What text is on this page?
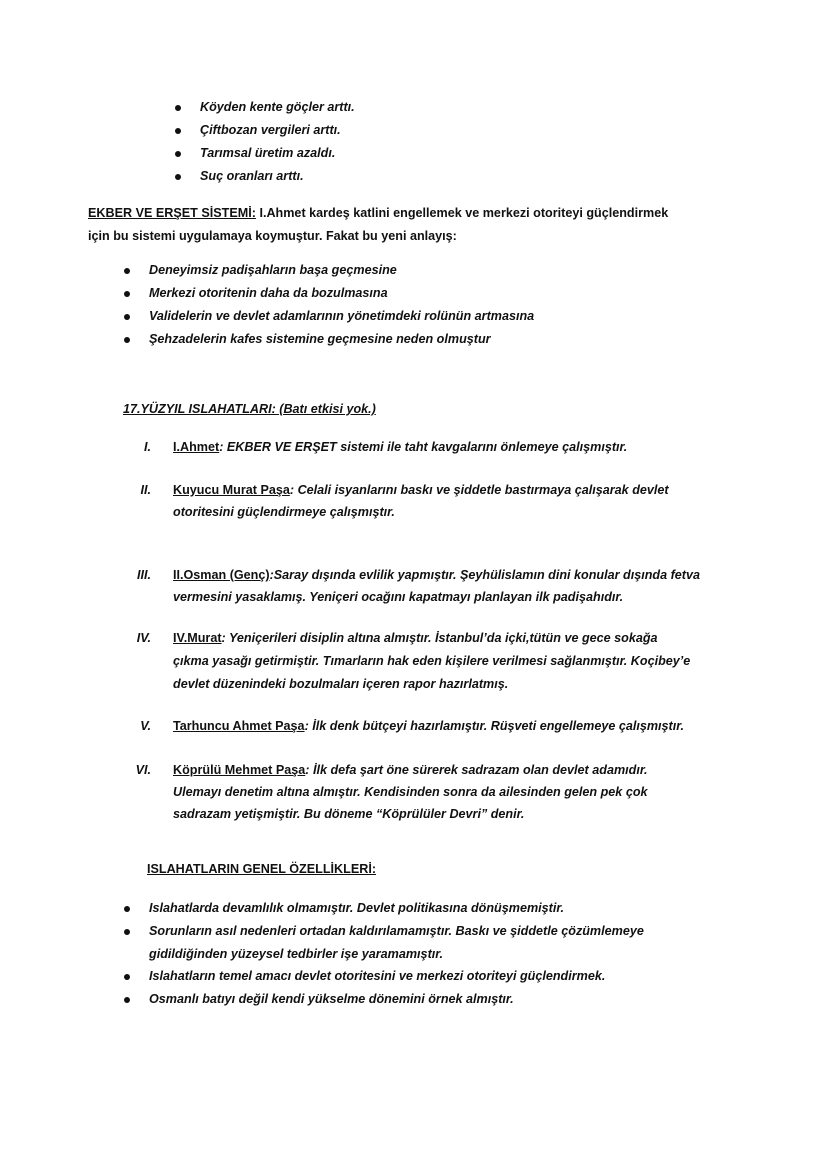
Köyden kente göçler arttı.
Çiftbozan vergileri arttı.
Tarımsal üretim azaldı.
Suç oranları arttı.
EKBER VE ERŞET SİSTEMİ: I.Ahmet kardeş katlini engellemek ve merkezi otoriteyi güçlendirmek
için bu sistemi uygulamaya koymuştur. Fakat bu yeni anlayış:
Deneyimsiz padişahların başa geçmesine
Merkezi otoritenin daha da bozulmasına
Validelerin ve devlet adamlarının yönetimdeki rolünün artmasına
Şehzadelerin kafes sistemine geçmesine neden olmuştur
17.YÜZYIL ISLAHATLARI: (Batı etkisi yok.)
I. I.Ahmet: EKBER VE ERŞET sistemi ile taht kavgalarını önlemeye çalışmıştır.
II. Kuyucu Murat Paşa: Celali isyanlarını baskı ve şiddetle bastırmaya çalışarak devlet
otoritesini güçlendirmeye çalışmıştır.
III. II.Osman (Genç):Saray dışında evlilik yapmıştır. Şeyhülislamın dini konular dışında fetva
vermesini yasaklamış. Yeniçeri ocağını kapatmayı planlayan ilk padişahıdır.
IV. IV.Murat: Yeniçerileri disiplin altına almıştır. İstanbul’da içki,tütün ve gece sokağa
çıkma yasağı getirmiştir. Tımarların hak eden kişilere verilmesi sağlanmıştır. Koçibey’e
devlet düzenindeki bozulmaları içeren rapor hazırlatmış.
V. Tarhuncu Ahmet Paşa: İlk denk bütçeyi hazırlamıştır. Rüşveti engellemeye çalışmıştır.
VI. Köprülü Mehmet Paşa: İlk defa şart öne sürerek sadrazam olan devlet adamıdır.
Ulemayı denetim altına almıştır. Kendisinden sonra da ailesinden gelen pek çok
sadrazam yetişmiştir. Bu döneme “Köprülüler Devri” denir.
ISLAHATLARIN GENEL ÖZELLİKLERİ:
Islahatlarda devamlılık olmamıştır. Devlet politikasına dönüşmemiştir.
Sorunların asıl nedenleri ortadan kaldırılamamıştır. Baskı ve şiddetle çözümlemeye
gidildiğinden yüzeysel tedbirler işe yaramamıştır.
Islahatların temel amacı devlet otoritesini ve merkezi otoriteyi güçlendirmek.
Osmanlı batıyı değil kendi yükselme dönemini örnek almıştır.
